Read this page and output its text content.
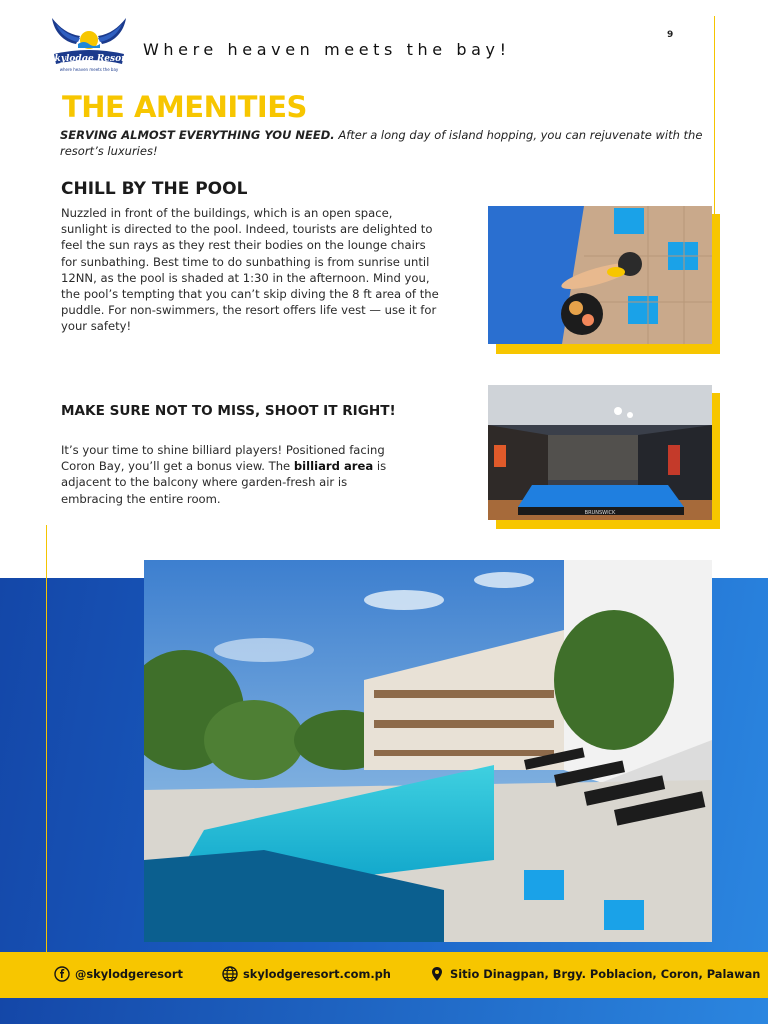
Skylodge Resort
where heaven meets the bay
Where heaven meets the bay!
9
THE AMENITIES
SERVING ALMOST EVERYTHING YOU NEED. After a long day of island hopping, you can rejuvenate with the resort’s luxuries!
CHILL BY THE POOL
Nuzzled in front of the buildings, which is an open space, sunlight is directed to the pool. Indeed, tourists are delighted to feel the sun rays as they rest their bodies on the lounge chairs for sunbathing. Best time to do sunbathing is from sunrise until 12NN, as the pool is shaded at 1:30 in the afternoon. Mind you, the pool’s tempting that you can’t skip diving the 8 ft area of the puddle. For non-swimmers, the resort offers life vest — use it for your safety!
MAKE SURE NOT TO MISS, SHOOT IT RIGHT!
It’s your time to shine billiard players! Positioned facing Coron Bay, you’ll get a bonus view. The billiard area is adjacent to the balcony where garden-fresh air is embracing the entire room.
BRUNSWICK
@skylodgeresort	skylodgeresort.com.ph	Sitio Dinagpan, Brgy. Poblacion, Coron, Palawan
